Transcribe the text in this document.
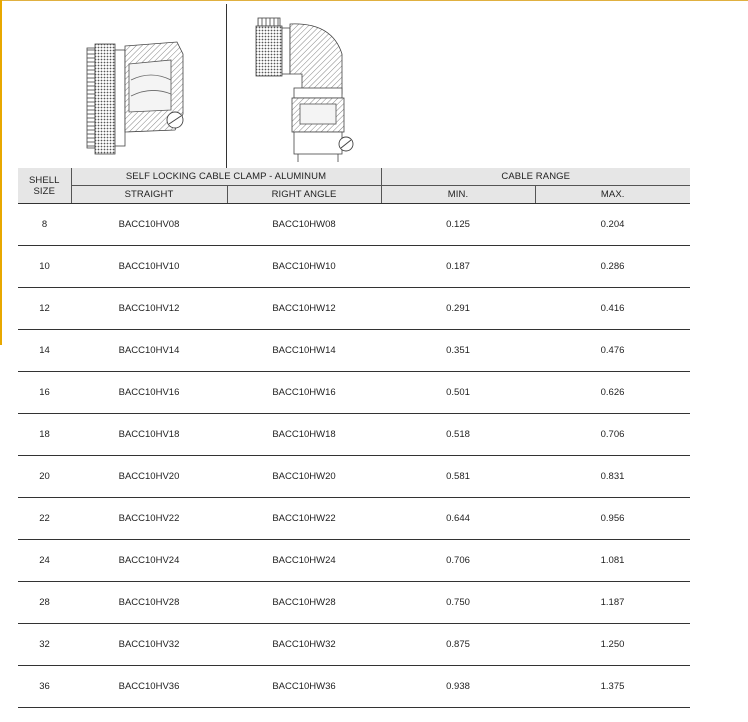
SHELL
SIZE	SELF LOCKING CABLE CLAMP - ALUMINUM		CABLE RANGE	
	STRAIGHT	RIGHT ANGLE	MIN.	MAX.
8	BACC10HV08	BACC10HW08	0.125	0.204
10	BACC10HV10	BACC10HW10	0.187	0.286
12	BACC10HV12	BACC10HW12	0.291	0.416
14	BACC10HV14	BACC10HW14	0.351	0.476
16	BACC10HV16	BACC10HW16	0.501	0.626
18	BACC10HV18	BACC10HW18	0.518	0.706
20	BACC10HV20	BACC10HW20	0.581	0.831
22	BACC10HV22	BACC10HW22	0.644	0.956
24	BACC10HV24	BACC10HW24	0.706	1.081
28	BACC10HV28	BACC10HW28	0.750	1.187
32	BACC10HV32	BACC10HW32	0.875	1.250
36	BACC10HV36	BACC10HW36	0.938	1.375
